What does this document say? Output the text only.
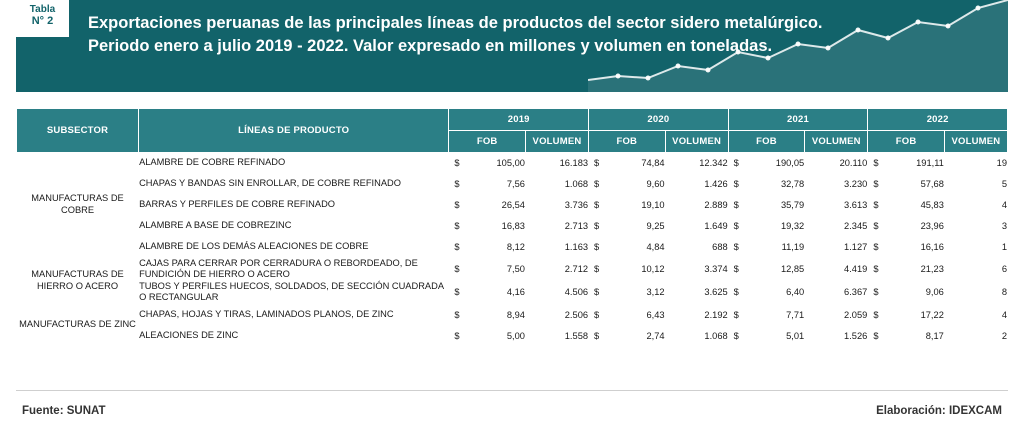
Tabla
N° 2	Exportaciones peruanas de las principales líneas de productos del sector sidero metalúrgico. Periodo enero a julio 2019 - 2022. Valor expresado en millones y volumen en toneladas.
SUBSECTOR	LÍNEAS DE PRODUCTO	2019		2020		2021		2022	
		FOB	VOLUMEN	FOB	VOLUMEN	FOB	VOLUMEN	FOB	VOLUMEN
MANUFACTURAS DE COBRE	ALAMBRE DE COBRE REFINADO	$ 105,00	16.183	$ 74,84	12.342	$ 190,05	20.110	$ 191,11	19
	CHAPAS Y BANDAS SIN ENROLLAR, DE COBRE REFINADO	$ 7,56	1.068	$ 9,60	1.426	$ 32,78	3.230	$ 57,68	5
	BARRAS Y PERFILES DE COBRE REFINADO	$ 26,54	3.736	$ 19,10	2.889	$ 35,79	3.613	$ 45,83	4
	ALAMBRE A BASE DE COBREZINC	$ 16,83	2.713	$ 9,25	1.649	$ 19,32	2.345	$ 23,96	3
	ALAMBRE DE LOS DEMÁS ALEACIONES DE COBRE	$ 8,12	1.163	$ 4,84	688	$ 11,19	1.127	$ 16,16	1
MANUFACTURAS DE HIERRO O ACERO	CAJAS PARA CERRAR POR CERRADURA O REBORDEADO, DE FUNDICIÓN DE HIERRO O ACERO	$ 7,50	2.712	$ 10,12	3.374	$ 12,85	4.419	$ 21,23	6
	TUBOS Y PERFILES HUECOS, SOLDADOS, DE SECCIÓN CUADRADA O RECTANGULAR	$ 4,16	4.506	$ 3,12	3.625	$ 6,40	6.367	$ 9,06	8
MANUFACTURAS DE ZINC	CHAPAS, HOJAS Y TIRAS, LAMINADOS PLANOS, DE ZINC	$ 8,94	2.506	$ 6,43	2.192	$ 7,71	2.059	$ 17,22	4
	ALEACIONES DE ZINC	$ 5,00	1.558	$ 2,74	1.068	$ 5,01	1.526	$ 8,17	2
Fuente: SUNAT	Elaboración: IDEXCAM
